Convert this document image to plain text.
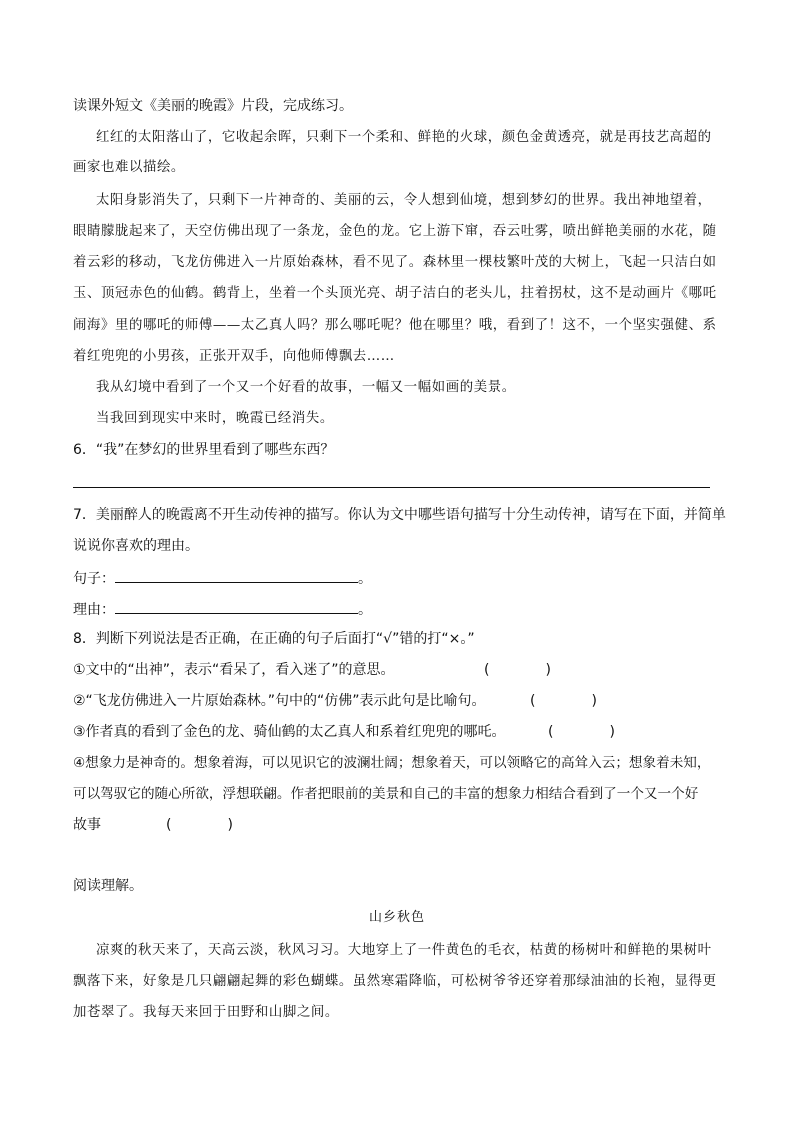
读课外短文《美丽的晚霞》片段，完成练习。
红红的太阳落山了，它收起余晖，只剩下一个柔和、鲜艳的火球，颜色金黄透亮，就是再技艺高超的
画家也难以描绘。
太阳身影消失了，只剩下一片神奇的、美丽的云，令人想到仙境，想到梦幻的世界。我出神地望着，
眼睛朦胧起来了，天空仿佛出现了一条龙，金色的龙。它上游下窜，吞云吐雾，喷出鲜艳美丽的水花，随
着云彩的移动，飞龙仿佛进入一片原始森林，看不见了。森林里一棵枝繁叶茂的大树上，飞起一只洁白如
玉、顶冠赤色的仙鹤。鹤背上，坐着一个头顶光亮、胡子洁白的老头儿，拄着拐杖，这不是动画片《哪吒
闹海》里的哪吒的师傅——太乙真人吗？那么哪吒呢？他在哪里？哦，看到了！这不，一个坚实强健、系
着红兜兜的小男孩，正张开双手，向他师傅飘去……
我从幻境中看到了一个又一个好看的故事，一幅又一幅如画的美景。
当我回到现实中来时，晚霞已经消失。
6．“我”在梦幻的世界里看到了哪些东西？
7．美丽醉人的晚霞离不开生动传神的描写。你认为文中哪些语句描写十分生动传神，请写在下面，并简单
说说你喜欢的理由。
句子：	。
理由：	。
8．判断下列说法是否正确，在正确的句子后面打“√”错的打“×。”
①文中的“出神”，表示“看呆了，看入迷了”的意思。	(　　　　)
②“飞龙仿佛进入一片原始森林。”句中的“仿佛”表示此句是比喻句。	(　　　　)
③作者真的看到了金色的龙、骑仙鹤的太乙真人和系着红兜兜的哪吒。	(　　　　)
④想象力是神奇的。想象着海，可以见识它的波澜壮阔；想象着天，可以领略它的高耸入云；想象着未知，
可以驾驭它的随心所欲，浮想联翩。作者把眼前的美景和自己的丰富的想象力相结合看到了一个又一个好
故事	(　　　　)
阅读理解。
山乡秋色
凉爽的秋天来了，天高云淡，秋风习习。大地穿上了一件黄色的毛衣，枯黄的杨树叶和鲜艳的果树叶
飘落下来，好象是几只翩翩起舞的彩色蝴蝶。虽然寒霜降临，可松树爷爷还穿着那绿油油的长袍，显得更
加苍翠了。我每天来回于田野和山脚之间。
